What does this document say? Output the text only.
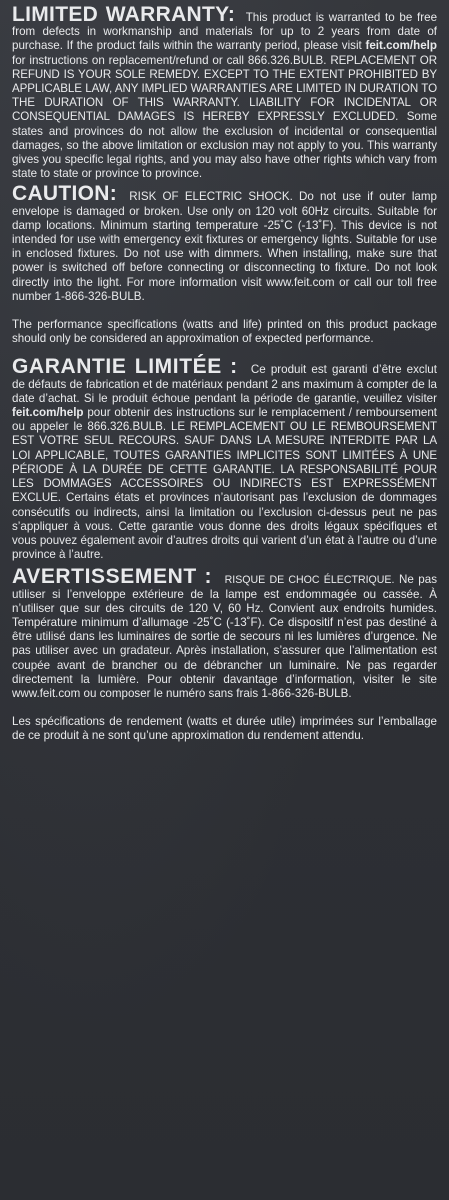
LIMITED WARRANTY: This product is warranted to be free from defects in workmanship and materials for up to 2 years from date of purchase. If the product fails within the warranty period, please visit feit.com/help for instructions on replacement/refund or call 866.326.BULB. REPLACEMENT OR REFUND IS YOUR SOLE REMEDY. EXCEPT TO THE EXTENT PROHIBITED BY APPLICABLE LAW, ANY IMPLIED WARRANTIES ARE LIMITED IN DURATION TO THE DURATION OF THIS WARRANTY. LIABILITY FOR INCIDENTAL OR CONSEQUENTIAL DAMAGES IS HEREBY EXPRESSLY EXCLUDED. Some states and provinces do not allow the exclusion of incidental or consequential damages, so the above limitation or exclusion may not apply to you. This warranty gives you specific legal rights, and you may also have other rights which vary from state to state or province to province.

CAUTION: RISK OF ELECTRIC SHOCK. Do not use if outer lamp envelope is damaged or broken. Use only on 120 volt 60Hz circuits. Suitable for damp locations. Minimum starting temperature -25˚C (-13˚F). This device is not intended for use with emergency exit fixtures or emergency lights. Suitable for use in enclosed fixtures. Do not use with dimmers. When installing, make sure that power is switched off before connecting or disconnecting to fixture. Do not look directly into the light. For more information visit www.feit.com or call our toll free number 1-866-326-BULB.

The performance specifications (watts and life) printed on this product package should only be considered an approximation of expected performance.

GARANTIE LIMITÉE : Ce produit est garanti d’être exclut de défauts de fabrication et de matériaux pendant 2 ans maximum à compter de la date d’achat. Si le produit échoue pendant la période de garantie, veuillez visiter feit.com/help pour obtenir des instructions sur le remplacement / remboursement ou appeler le 866.326.BULB. LE REMPLACEMENT OU LE REMBOURSEMENT EST VOTRE SEUL RECOURS. SAUF DANS LA MESURE INTERDITE PAR LA LOI APPLICABLE, TOUTES GARANTIES IMPLICITES SONT LIMITÉES À UNE PÉRIODE À LA DURÉE DE CETTE GARANTIE. LA RESPONSABILITÉ POUR LES DOMMAGES ACCESSOIRES OU INDIRECTS EST EXPRESSÉMENT EXCLUE. Certains états et provinces n’autorisant pas l’exclusion de dommages consécutifs ou indirects, ainsi la limitation ou l’exclusion ci-dessus peut ne pas s’appliquer à vous. Cette garantie vous donne des droits légaux spécifiques et vous pouvez également avoir d’autres droits qui varient d’un état à l’autre ou d’une province à l’autre.

AVERTISSEMENT : RISQUE DE CHOC ÉLECTRIQUE. Ne pas utiliser si l’enveloppe extérieure de la lampe est endommagée ou cassée. À n’utiliser que sur des circuits de 120 V, 60 Hz. Convient aux endroits humides. Température minimum d’allumage -25˚C (-13˚F). Ce dispositif n’est pas destiné à être utilisé dans les luminaires de sortie de secours ni les lumières d’urgence. Ne pas utiliser avec un gradateur. Après installation, s’assurer que l’alimentation est coupée avant de brancher ou de débrancher un luminaire. Ne pas regarder directement la lumière. Pour obtenir davantage d’information, visiter le site www.feit.com ou composer le numéro sans frais 1-866-326-BULB.

Les spécifications de rendement (watts et durée utile) imprimées sur l’emballage de ce produit à ne sont qu’une approximation du rendement attendu.
